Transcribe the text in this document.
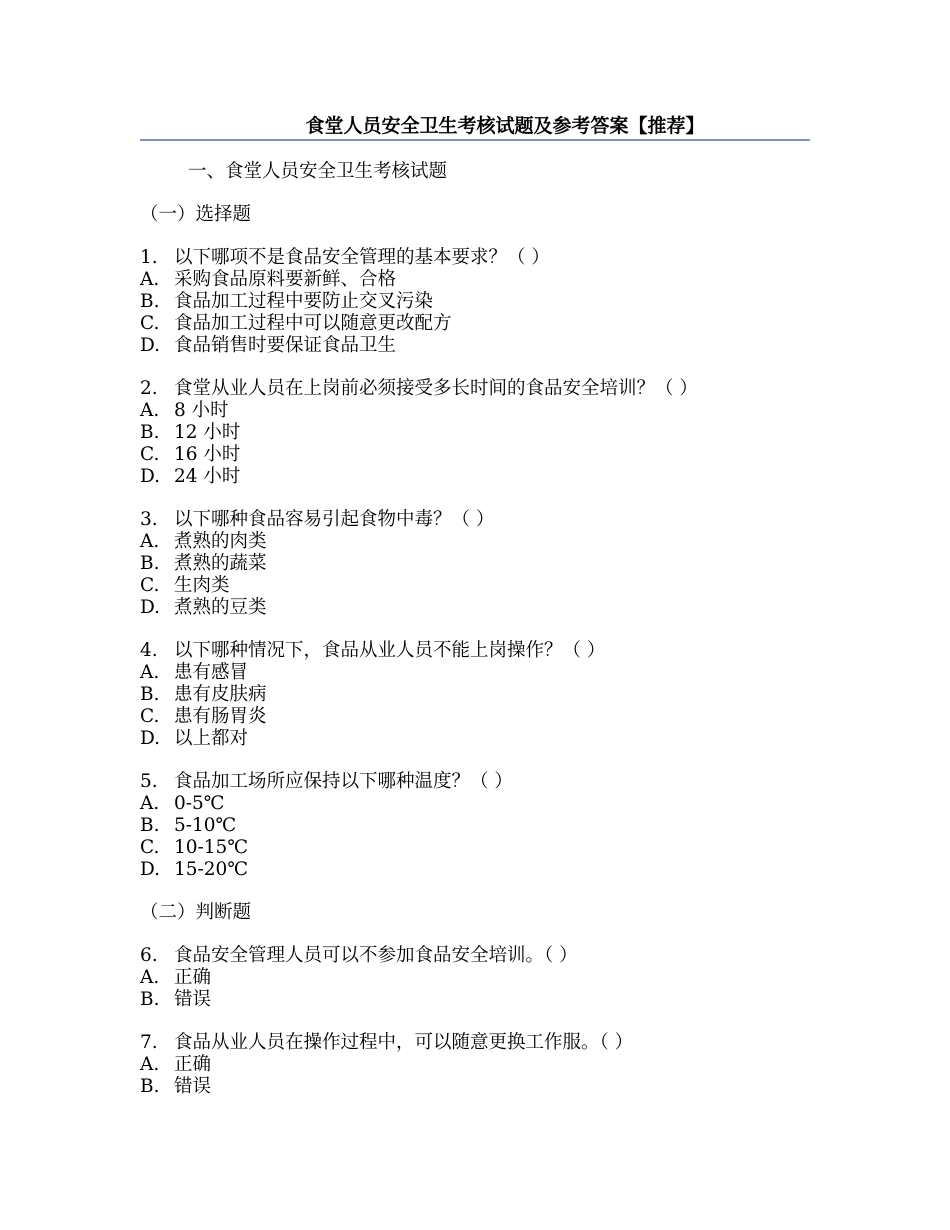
食堂人员安全卫生考核试题及参考答案【推荐】
一、食堂人员安全卫生考核试题
（一）选择题
1. 以下哪项不是食品安全管理的基本要求？（ ）
A. 采购食品原料要新鲜、合格
B. 食品加工过程中要防止交叉污染
C. 食品加工过程中可以随意更改配方
D. 食品销售时要保证食品卫生
2. 食堂从业人员在上岗前必须接受多长时间的食品安全培训？（ ）
A. 8 小时
B. 12 小时
C. 16 小时
D. 24 小时
3. 以下哪种食品容易引起食物中毒？（ ）
A. 煮熟的肉类
B. 煮熟的蔬菜
C. 生肉类
D. 煮熟的豆类
4. 以下哪种情况下，食品从业人员不能上岗操作？（ ）
A. 患有感冒
B. 患有皮肤病
C. 患有肠胃炎
D. 以上都对
5. 食品加工场所应保持以下哪种温度？（ ）
A. 0-5℃
B. 5-10℃
C. 10-15℃
D. 15-20℃
（二）判断题
6. 食品安全管理人员可以不参加食品安全培训。（ ）
A. 正确
B. 错误
7. 食品从业人员在操作过程中，可以随意更换工作服。（ ）
A. 正确
B. 错误
